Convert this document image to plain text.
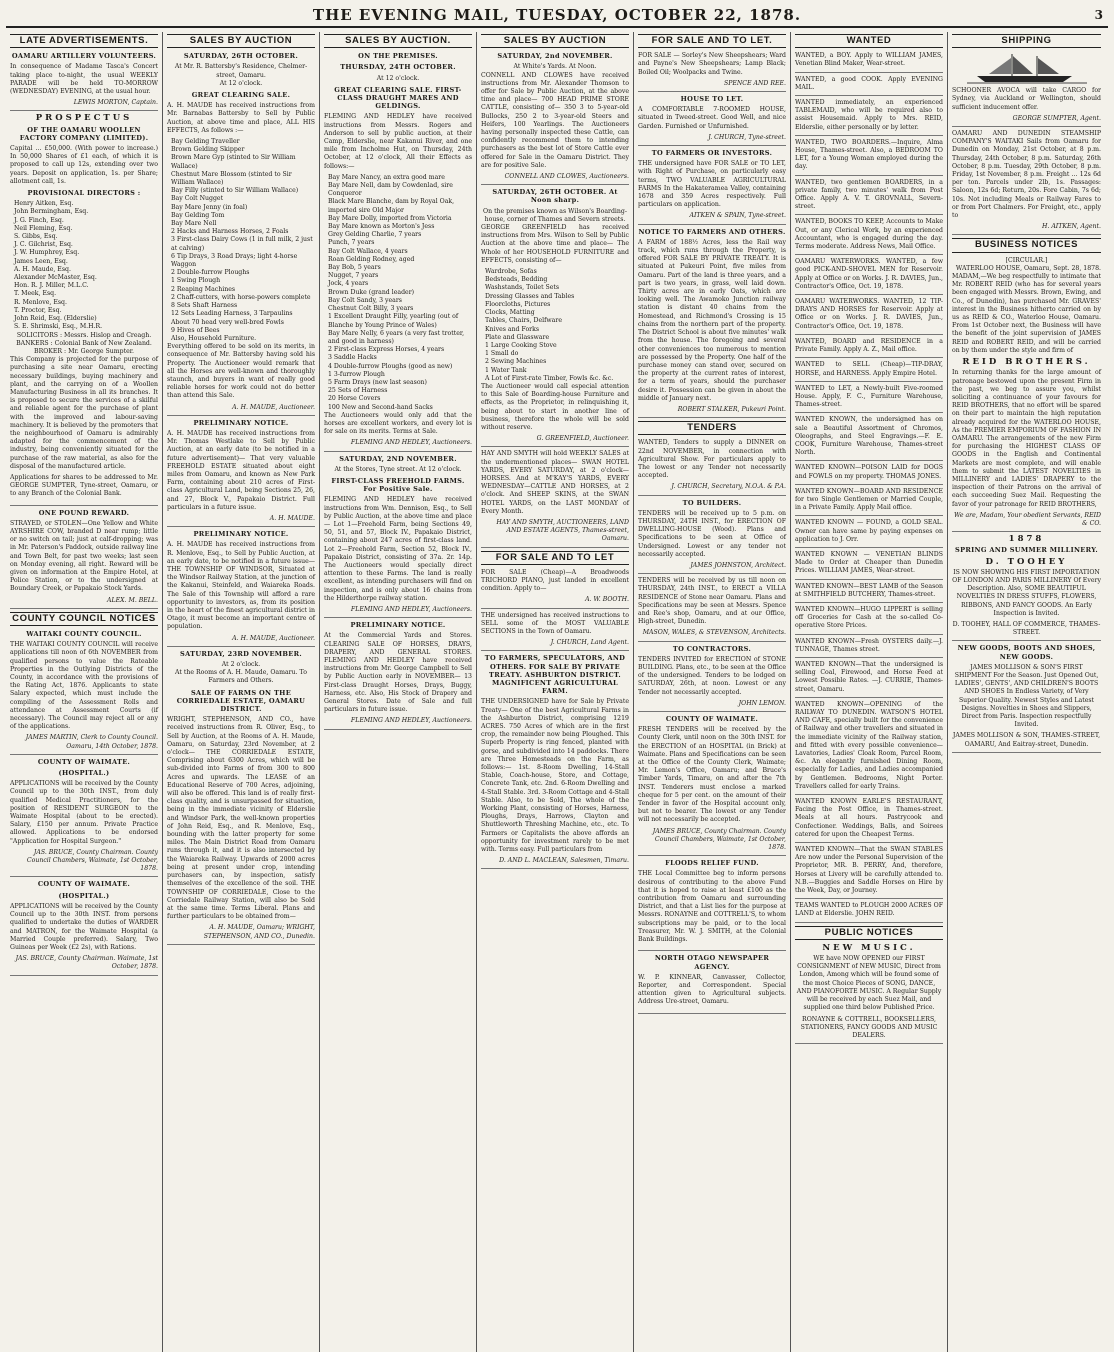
THE EVENING MAIL, TUESDAY, OCTOBER 22, 1878.	3
LATE ADVERTISEMENTS.
OAMARU ARTILLERY VOLUNTEERS.

In consequence of Madame Tasca's Concert taking place to-night, the usual WEEKLY PARADE will be held TO-MORROW (WEDNESDAY) EVENING, at the usual hour.

LEWIS MORTON, Captain.
PROSPECTUS
OF THE OAMARU WOOLLEN FACTORY COMPANY (LIMITED).

Capital ... £50,000. (With power to increase.) In 50,000 Shares of £1 each, of which it is proposed to call up 12s, extending over two years. Deposit on application, 1s. per Share; allotment call, 1s.

PROVISIONAL DIRECTORS :
Henry Aitken, Esq.
John Bermingham, Esq.
J. G. Finch, Esq.
Neil Fleming, Esq.
S. Gibbs, Esq.
J. C. Gilchrist, Esq.
J. W. Humphrey, Esq.
James Leen, Esq.
A. H. Maude, Esq.
Alexander McMaster, Esq.
Hon. R. J. Miller, M.L.C.
T. Meek, Esq.
R. Menlove, Esq.
T. Proctor, Esq.
John Reid, Esq. (Elderslie)
S. E. Shrimski, Esq., M.H.R.
SOLICITORS : Messrs. Hislop and Creagh.
BANKERS : Colonial Bank of New Zealand.
BROKER : Mr. George Sumpter.

This Company is projected for the purpose of purchasing a site near Oamaru, erecting necessary buildings, buying machinery and plant, and the carrying on of a Woollen Manufacturing Business in all its branches. It is proposed to secure the services of a skilful and reliable agent for the purchase of plant with the improved and labour-saving machinery. It is believed by the promoters that the neighbourhood of Oamaru is admirably adapted for the commencement of the industry, being conveniently situated for the purchase of the raw material, as also for the disposal of the manufactured article.

Applications for shares to be addressed to Mr. GEORGE SUMPTER, Tyne-street, Oamaru, or to any Branch of the Colonial Bank.

ONE POUND REWARD.

STRAYED, or STOLEN—One Yellow and White AYRSHIRE COW, branded D near rump; little or no switch on tail; just at calf-dropping; was in Mr. Paterson's Paddock, outside railway line and Town Belt, for past two weeks; last seen on Monday evening, all right. Reward will be given on information at the Empire Hotel, at Police Station, or to the undersigned at Boundary Creek, or Papakaio Stock Yards.

ALEX. M. BELL.
COUNTY COUNCIL NOTICES
WAITAKI COUNTY COUNCIL.

THE WAITAKI COUNTY COUNCIL will receive applications till noon of 6th NOVEMBER from qualified persons to value the Rateable Properties in the Outlying Districts of the County, in accordance with the provisions of the Rating Act, 1876. Applicants to state Salary expected, which must include the compiling of the Assessment Rolls and attendance at Assessment Courts (if necessary). The Council may reject all or any of the applications.

JAMES MARTIN, Clerk to County Council. Oamaru, 14th October, 1878.
COUNTY OF WAIMATE.
(HOSPITAL.)

APPLICATIONS will be received by the County Council up to the 30th INST., from duly qualified Medical Practitioners, for the position of RESIDENT SURGEON to the Waimate Hospital (about to be erected). Salary, £150 per annum. Private Practice allowed. Applications to be endorsed "Application for Hospital Surgeon."

JAS. BRUCE, County Chairman. County Council Chambers, Waimate, 1st October, 1878.
COUNTY OF WAIMATE.
(HOSPITAL.)

APPLICATIONS will be received by the County Council up to the 30th INST. from persons qualified to undertake the duties of WARDER and MATRON, for the Waimate Hospital (a Married Couple preferred). Salary, Two Guineas per Week (£2 2s), with Rations.

JAS. BRUCE, County Chairman. Waimate, 1st October, 1878.
SALES BY AUCTION
SATURDAY, 26TH OCTOBER.
At Mr. R. Battersby's Residence, Chelmer-street, Oamaru.
At 12 o'clock.
GREAT CLEARING SALE.

A. H. MAUDE has received instructions from Mr. Barnabas Battersby to Sell by Public Auction, at above time and place, ALL HIS EFFECTS, As follows :—

Bay Gelding Traveller
Brown Gelding Skipper
Brown Mare Gyp (stinted to Sir William Wallace)
Chestnut Mare Blossom (stinted to Sir William Wallace)
Bay Filly (stinted to Sir William Wallace)
Bay Colt Nugget
Bay Mare Jenny (in foal)
Bay Gelding Tom
Bay Mare Nell
2 Hacks and Harness Horses, 2 Foals
3 First-class Dairy Cows (1 in full milk, 2 just at calving)
6 Tip Drays, 3 Road Drays; light 4-horse Waggon
2 Double-furrow Ploughs
1 Swing Plough
2 Reaping Machines
2 Chaff-cutters, with horse-powers complete
8 Sets Shaft Harness
12 Sets Leading Harness, 3 Tarpaulins
About 70 head very well-bred Fowls
9 Hives of Bees
Also, Household Furniture.

Everything offered to be sold on its merits, in consequence of Mr. Battersby having sold his Property. The Auctioneer would remark that all the Horses are well-known and thoroughly staunch, and buyers in want of really good reliable horses for work could not do better than attend this Sale.

A. H. MAUDE, Auctioneer.
PRELIMINARY NOTICE.

A. H. MAUDE has received instructions from Mr. Thomas Westlake to Sell by Public Auction, at an early date (to be notified in a future advertisement)— That very valuable FREEHOLD ESTATE situated about eight miles from Oamaru, and known as New Park Farm, containing about 210 acres of First-class Agricultural Land, being Sections 25, 26, and 27, Block V., Papakaio District. Full particulars in a future issue.

A. H. MAUDE.
PRELIMINARY NOTICE.

A. H. MAUDE has received instructions from R. Menlove, Esq., to Sell by Public Auction, at an early date, to be notified in a future issue— THE TOWNSHIP OF WINDSOR, Situated at the Windsor Railway Station, at the junction of the Kakanui, Steinfeld, and Waiareka Roads. The Sale of this Township will afford a rare opportunity to investors, as, from its position in the heart of the finest agricultural district in Otago, it must become an important centre of population.

A. H. MAUDE, Auctioneer.
SATURDAY, 23RD NOVEMBER.
At 2 o'clock.
At the Rooms of A. H. Maude, Oamaru. To Farmers and Others.
SALE OF FARMS ON THE CORRIEDALE ESTATE, OAMARU DISTRICT.

WRIGHT, STEPHENSON, AND CO., have received instructions from R. Oliver, Esq., to Sell by Auction, at the Rooms of A. H. Maude, Oamaru, on Saturday, 23rd November, at 2 o'clock— THE CORRIEDALE ESTATE, Comprising about 6300 Acres, which will be sub-divided into Farms of from 300 to 800 Acres and upwards. The LEASE of an Educational Reserve of 700 Acres, adjoining, will also be offered. This land is of really first-class quality, and is unsurpassed for situation, being in the immediate vicinity of Elderslie and Windsor Park, the well-known properties of John Reid, Esq., and R. Menlove, Esq., bounding with the latter property for some miles. The Main District Road from Oamaru runs through it, and it is also intersected by the Waiareka Railway. Upwards of 2000 acres being at present under crop, intending purchasers can, by inspection, satisfy themselves of the excellence of the soil. THE TOWNSHIP OF CORRIEDALE, Close to the Corriedale Railway Station, will also be Sold at the same time. Terms Liberal. Plans and further particulars to be obtained from—

A. H. MAUDE, Oamaru; WRIGHT, STEPHENSON, AND CO., Dunedin.
SALES BY AUCTION.
ON THE PREMISES.
THURSDAY, 24TH OCTOBER.
At 12 o'clock.
GREAT CLEARING SALE. FIRST-CLASS DRAUGHT MARES AND GELDINGS.

FLEMING AND HEDLEY have received instructions from Messrs. Rogers and Anderson to sell by public auction, at their Camp, Elderslie, near Kakanui River, and one mile from Incholme Hut, on Thursday, 24th October, at 12 o'clock, All their Effects as follows:—

Bay Mare Nancy, an extra good mare
Bay Mare Nell, dam by Cowdenlad, sire Conqueror
Black Mare Blanche, dam by Royal Oak, imported sire Old Major
Bay Mare Dolly, imported from Victoria
Bay Mare known as Morton's Jess
Grey Gelding Charlie, 7 years
Punch, 7 years
Bay Colt Wallace, 4 years
Roan Gelding Rodney, aged
Bay Bob, 5 years
Nugget, 7 years
Jock, 4 years
Brown Duke (grand leader)
Bay Colt Sandy, 3 years
Chestnut Colt Billy, 3 years
1 Excellent Draught Filly, yearling (out of Blanche by Young Prince of Wales)
Bay Mare Nelly, 6 years (a very fast trotter, and good in harness)
2 First-class Express Horses, 4 years
3 Saddle Hacks
4 Double-furrow Ploughs (good as new)
1 3-furrow Plough
5 Farm Drays (new last season)
25 Sets of Harness
20 Horse Covers
100 New and Second-hand Sacks

The Auctioneers would only add that the horses are excellent workers, and every lot is for sale on its merits. Terms at Sale.

FLEMING AND HEDLEY, Auctioneers.
SATURDAY, 2ND NOVEMBER.
At the Stores, Tyne street. At 12 o'clock.
FIRST-CLASS FREEHOLD FARMS. For Positive Sale.

FLEMING AND HEDLEY have received instructions from Wm. Dennison, Esq., to Sell by Public Auction, at the above time and place— Lot 1—Freehold Farm, being Sections 49, 50, 51, and 57, Block IV., Papakaio District, containing about 247 acres of first-class land. Lot 2—Freehold Farm, Section 52, Block IV., Papakaio District, consisting of 37a. 2r. 14p. The Auctioneers would specially direct attention to these Farms. The land is really excellent, as intending purchasers will find on inspection, and is only about 16 chains from the Hilderthorpe railway station.

FLEMING AND HEDLEY, Auctioneers.
PRELIMINARY NOTICE.

At the Commercial Yards and Stores. CLEARING SALE OF HORSES, DRAYS, DRAPERY, AND GENERAL STORES. FLEMING AND HEDLEY have received instructions from Mr. George Campbell to Sell by Public Auction early in NOVEMBER— 13 First-class Draught Horses, Drays, Buggy, Harness, etc. Also, His Stock of Drapery and General Stores. Date of Sale and full particulars in future issue.

FLEMING AND HEDLEY, Auctioneers.
SALES BY AUCTION
SATURDAY, 2nd NOVEMBER.
At White's Yards. At Noon.

CONNELL AND CLOWES have received instructions from Mr. Alexander Thomson to offer for Sale by Public Auction, at the above time and place— 700 HEAD PRIME STORE CATTLE, consisting of— 350 3 to 5-year-old Bullocks, 250 2 to 3-year-old Steers and Heifers, 100 Yearlings. The Auctioneers having personally inspected these Cattle, can confidently recommend them to intending purchasers as the best lot of Store Cattle ever offered for Sale in the Oamaru District. They are for positive Sale.

CONNELL AND CLOWES, Auctioneers.
SATURDAY, 26TH OCTOBER. At Noon sharp.
On the premises known as Wilson's Boarding-house, corner of Thames and Severn streets.

GEORGE GREENFIELD has received instructions from Mrs. Wilson to Sell by Public Auction at the above time and place— The Whole of her HOUSEHOLD FURNITURE and EFFECTS, consisting of—

Wardrobe, Sofas
Bedsteads, Bedding
Washstands, Toilet Sets
Dressing Glasses and Tables
Floorcloths, Pictures
Clocks, Matting
Tables, Chairs, Delfware
Knives and Forks
Plate and Glassware
1 Large Cooking Stove
1 Small do
2 Sewing Machines
1 Water Tank
A Lot of First-rate Timber, Fowls &c. &c.

The Auctioneer would call especial attention to this Sale of Boarding-house Furniture and effects, as the Proprietor, in relinquishing it, being about to start in another line of business, therefore the whole will be sold without reserve.

G. GREENFIELD, Auctioneer.

HAY AND SMYTH will hold WEEKLY SALES at the undermentioned places— SWAN HOTEL YARDS, EVERY SATURDAY, at 2 o'clock—HORSES. And at M'KAY'S YARDS, EVERY WEDNESDAY—CATTLE AND HORSES, at 2 o'clock. And SHEEP SKINS, at the SWAN HOTEL YARDS, on the LAST MONDAY of Every Month.

HAY AND SMYTH, AUCTIONEERS, LAND AND ESTATE AGENTS, Thames-street, Oamaru.
FOR SALE AND TO LET

FOR SALE (Cheap)—A Broadwoods TRICHORD PIANO, just landed in excellent condition. Apply to—

A. W. BOOTH.

THE undersigned has received instructions to SELL some of the MOST VALUABLE SECTIONS in the Town of Oamaru.

J. CHURCH, Land Agent.
TO FARMERS, SPECULATORS, AND OTHERS. FOR SALE BY PRIVATE TREATY. ASHBURTON DISTRICT. MAGNIFICENT AGRICULTURAL FARM.

THE UNDERSIGNED have for Sale by Private Treaty— One of the best Agricultural Farms in the Ashburton District, comprising 1219 ACRES. 750 Acres of which are in the first crop, the remainder now being Ploughed. This Superb Property is ring fenced, planted with gorse, and subdivided into 14 paddocks. There are Three Homesteads on the Farm, as follows:— 1st. 8-Room Dwelling, 14-Stall Stable, Coach-house, Store, and Cottage, Concrete Tank, etc. 2nd. 6-Room Dwelling and 4-Stall Stable. 3rd. 3-Room Cottage and 4-Stall Stable. Also, to be Sold, The whole of the Working Plant, consisting of Horses, Harness, Ploughs, Drays, Harrows, Clayton and Shuttleworth Threshing Machine, etc., etc. To Farmers or Capitalists the above affords an opportunity for investment rarely to be met with. Terms easy. Full particulars from

D. AND L. MACLEAN, Salesmen, Timaru.
FOR SALE AND TO LET.

FOR SALE — Sorley's New Sheepshears; Ward and Payne's New Sheepshears; Lamp Black; Boiled Oil; Woolpacks and Twine.

SPENCE AND REE.
HOUSE TO LET.

A COMFORTABLE 7-ROOMED HOUSE, situated in Tweed-street. Good Well, and nice Garden. Furnished or Unfurnished.

J. CHURCH, Tyne-street.
TO FARMERS OR INVESTORS.

THE undersigned have FOR SALE or TO LET, with Right of Purchase, on particularly easy terms, TWO VALUABLE AGRICULTURAL FARMS In the Hakateramea Valley, containing 1678 and 359 Acres respectively. Full particulars on application.

AITKEN & SPAIN, Tyne-street.
NOTICE TO FARMERS AND OTHERS.

A FARM of 188½ Acres, less the Rail way track, which runs through the Property, is offered FOR SALE BY PRIVATE TREATY. It is situated at Pukeuri Point, five miles from Oamaru. Part of the land is three years, and a part is two years, in grass, well laid down. Thirty acres are in early Oats, which are looking well. The Awamoko Junction railway station is distant 40 chains from the Homestead, and Richmond's Crossing is 15 chains from the northern part of the property. The District School is about five minutes' walk from the house. The foregoing and several other conveniences too numerous to mention are possessed by the Property. One half of the purchase money can stand over, secured on the property at the current rates of interest, for a term of years, should the purchaser desire it. Possession can be given in about the middle of January next.

ROBERT STALKER, Pukeuri Point.
TENDERS

WANTED, Tenders to supply a DINNER on 22nd NOVEMBER, in connection with Agricultural Show. For particulars apply to The lowest or any Tender not necessarily accepted.

J. CHURCH, Secretary, N.O.A. & P.A.
TO BUILDERS.

TENDERS will be received up to 5 p.m. on THURSDAY, 24TH INST., for ERECTION OF DWELLING-HOUSE (Wood). Plans and Specifications to be seen at Office of Undersigned. Lowest or any tender not necessarily accepted.

JAMES JOHNSTON, Architect.

TENDERS will be received by us till noon on THURSDAY, 24th INST., to ERECT a VILLA RESIDENCE of Stone near Oamaru. Plans and Specifications may be seen at Messrs. Spence and Ree's shop, Oamaru, and at our Office, High-street, Dunedin.

MASON, WALES, & STEVENSON, Architects.
TO CONTRACTORS.

TENDERS INVITED for ERECTION of STONE BUILDING. Plans, etc., to be seen at the Office of the undersigned. Tenders to be lodged on SATURDAY, 26th, at noon. Lowest or any Tender not necessarily accepted.

JOHN LEMON.
COUNTY OF WAIMATE.

FRESH TENDERS will be received by the County Clerk, until noon on the 30th INST. for the ERECTION of an HOSPITAL (in Brick) at Waimate. Plans and Specifications can be seen at the Office of the County Clerk, Waimate; Mr. Lemon's Office, Oamaru; and Bruce's Timber Yards, Timaru, on and after the 7th INST. Tenderers must enclose a marked cheque for 5 per cent. on the amount of their Tender in favor of the Hospital account only, but not to bearer. The lowest or any Tender will not necessarily be accepted.

JAMES BRUCE, County Chairman. County Council Chambers, Waimate, 1st October, 1878.
FLOODS RELIEF FUND.

THE Local Committee beg to inform persons desirous of contributing to the above Fund that it is hoped to raise at least £100 as the contribution from Oamaru and surrounding District, and that a List lies for the purpose at Messrs. RONAYNE and COTTRELL'S, to whom subscriptions may be paid, or to the local Treasurer, Mr. W. J. SMITH, at the Colonial Bank Buildings.

NORTH OTAGO NEWSPAPER AGENCY.

W. P. KINNEAR, Canvasser, Collector, Reporter, and Correspondent. Special attention given to Agricultural subjects. Address Ure-street, Oamaru.

WANTED

WANTED, a BOY. Apply to WILLIAM JAMES, Venetian Blind Maker, Wear-street.

WANTED, a good COOK. Apply EVENING MAIL.

WANTED immediately, an experienced TABLEMAID, who will be required also to assist Housemaid. Apply to Mrs. REID, Elderslie, either personally or by letter.

WANTED, TWO BOARDERS.—Inquire, Alma House, Thames-street. Also, a BEDROOM TO LET, for a Young Woman employed during the day.

WANTED, two gentlemen BOARDERS, in a private family, two minutes' walk from Post Office. Apply A. V. T. GROVNALL, Severn-street.

WANTED, BOOKS TO KEEP, Accounts to Make Out, or any Clerical Work, by an experienced Accountant, who is engaged during the day. Terms moderate. Address News, Mail Office.

OAMARU WATERWORKS. WANTED, a few good PICK-AND-SHOVEL MEN for Reservoir. Apply at Office or on Works. J. R. DAVIES, Jun., Contractor's Office, Oct. 19, 1878.

OAMARU WATERWORKS. WANTED, 12 TIP-DRAYS AND HORSES for Reservoir. Apply at Office or on Works. J. R. DAVIES, Jun., Contractor's Office, Oct. 19, 1878.

WANTED, BOARD and RESIDENCE in a Private Family. Apply A. Z., Mail office.

WANTED to SELL (Cheap)—TIP-DRAY, HORSE, and HARNESS. Apply Empire Hotel.

WANTED to LET, a Newly-built Five-roomed House. Apply, F. C., Furniture Warehouse, Thames-street.

WANTED KNOWN, the undersigned has on sale a Beautiful Assortment of Chromos, Oleographs, and Steel Engravings.—F. E. COOK, Furniture Warehouse, Thames-street North.

WANTED KNOWN—POISON LAID for DOGS and FOWLS on my property. THOMAS JONES.

WANTED KNOWN—BOARD AND RESIDENCE for two Single Gentlemen or Married Couple, in a Private Family. Apply Mail office.

WANTED KNOWN — FOUND, a GOLD SEAL. Owner can have same by paying expenses on application to J. Orr.

WANTED KNOWN — VENETIAN BLINDS Made to Order at Cheaper than Dunedin Prices. WILLIAM JAMES, Wear-street.

WANTED KNOWN—BEST LAMB of the Season at SMITHFIELD BUTCHERY, Thames-street.

WANTED KNOWN—HUGO LIPPERT is selling off Groceries for Cash at the so-called Co-operative Store Prices.

WANTED KNOWN—Fresh OYSTERS daily.—J. TUNNAGE, Thames street.

WANTED KNOWN—That the undersigned is selling Coal, Firewood, and Horse Feed at Lowest Possible Rates. —J. CURRIE, Thames-street, Oamaru.

WANTED KNOWN—OPENING of the RAILWAY TO DUNEDIN. WATSON'S HOTEL AND CAFE, specially built for the convenience of Railway and other travellers and situated in the immediate vicinity of the Railway station, and fitted with every possible convenience—Lavatories, Ladies' Cloak Room, Parcel Room, &c. An elegantly furnished Dining Room, especially for Ladies, and Ladies accompanied by Gentlemen. Bedrooms, Night Porter. Travellers called for early Trains.

WANTED KNOWN EARLE'S RESTAURANT, Facing the Post Office, in Thames-street. Meals at all hours. Pastrycook and Confectioner. Weddings, Balls, and Soirees catered for upon the Cheapest Terms.

WANTED KNOWN—That the SWAN STABLES Are now under the Personal Supervision of the Proprietor, MR. B. PERRY, And, therefore, Horses at Livery will be carefully attended to. N.B.—Buggies and Saddle Horses on Hire by the Week, Day, or Journey.

TEAMS WANTED to PLOUGH 2000 ACRES OF LAND at Elderslie. JOHN REID.

PUBLIC NOTICES
NEW MUSIC.

WE have NOW OPENED our FIRST CONSIGNMENT of NEW MUSIC, Direct from London, Among which will be found some of the most Choice Pieces of SONG, DANCE, AND PIANOFORTE MUSIC. A Regular Supply will be received by each Suez Mail, and supplied one third below Published Price.

RONAYNE & COTTRELL, BOOKSELLERS, STATIONERS, FANCY GOODS AND MUSIC DEALERS.
SHIPPING

SCHOONER AVOCA will take CARGO for Sydney, via Auckland or Wellington, should sufficient inducement offer.

GEORGE SUMPTER, Agent.

OAMARU AND DUNEDIN STEAMSHIP COMPANY'S WAITAKI Sails from Oamaru for Dunedin on Monday, 21st October, at 8 p.m. Thursday, 24th October, 8 p.m. Saturday, 26th October, 8 p.m. Tuesday, 29th October, 8 p.m. Friday, 1st November, 8 p.m. Freight ... 12s 6d per ton. Parcels under 2lb, 1s. Passages: Saloon, 12s 6d; Return, 20s. Fore Cabin, 7s 6d; 10s. Not including Meals or Railway Fares to or from Port Chalmers. For Freight, etc., apply to

H. AITKEN, Agent.
BUSINESS NOTICES
[CIRCULAR.]
WATERLOO HOUSE, Oamaru, Sept. 28, 1878.

MADAM,—We beg respectfully to intimate that Mr. ROBERT REID (who has for several years been engaged with Messrs. Brown, Ewing, and Co., of Dunedin), has purchased Mr. GRAVES' interest in the Business hitherto carried on by us as REID & CO., Waterloo House, Oamaru. From 1st October next, the Business will have the benefit of the joint supervision of JAMES REID and ROBERT REID, and will be carried on by them under the style and firm of

REID BROTHERS.

In returning thanks for the large amount of patronage bestowed upon the present Firm in the past, we beg to assure you, whilst soliciting a continuance of your favours for REID BROTHERS, that no effort will be spared on their part to maintain the high reputation already acquired for the WATERLOO HOUSE, As the PREMIER EMPORIUM OF FASHION IN OAMARU. The arrangements of the new Firm for purchasing the HIGHEST CLASS OF GOODS in the English and Continental Markets are most complete, and will enable them to submit the LATEST NOVELTIES in MILLINERY and LADIES' DRAPERY to the inspection of their Patrons on the arrival of each succeeding Suez Mail. Requesting the favor of your patronage for REID BROTHERS,

We are, Madam, Your obedient Servants, REID & CO.
1878
SPRING AND SUMMER MILLINERY.
D. TOOHEY

IS NOW SHOWING HIS FIRST IMPORTATION OF LONDON AND PARIS MILLINERY Of Every Description. Also, SOME BEAUTIFUL NOVELTIES IN DRESS STUFFS, FLOWERS, RIBBONS, AND FANCY GOODS. An Early Inspection is Invited.

D. TOOHEY, HALL OF COMMERCE, THAMES-STREET.
NEW GOODS, BOOTS AND SHOES, NEW GOODS.

JAMES MOLLISON & SON'S FIRST SHIPMENT For the Season. Just Opened Out, LADIES', GENTS', AND CHILDREN'S BOOTS AND SHOES In Endless Variety, of Very Superior Quality. Newest Styles and Latest Designs. Novelties in Shoes and Slippers, Direct from Paris. Inspection respectfully Invited.

JAMES MOLLISON & SON, THAMES-STREET, OAMARU, And Eaitray-street, Dunedin.
